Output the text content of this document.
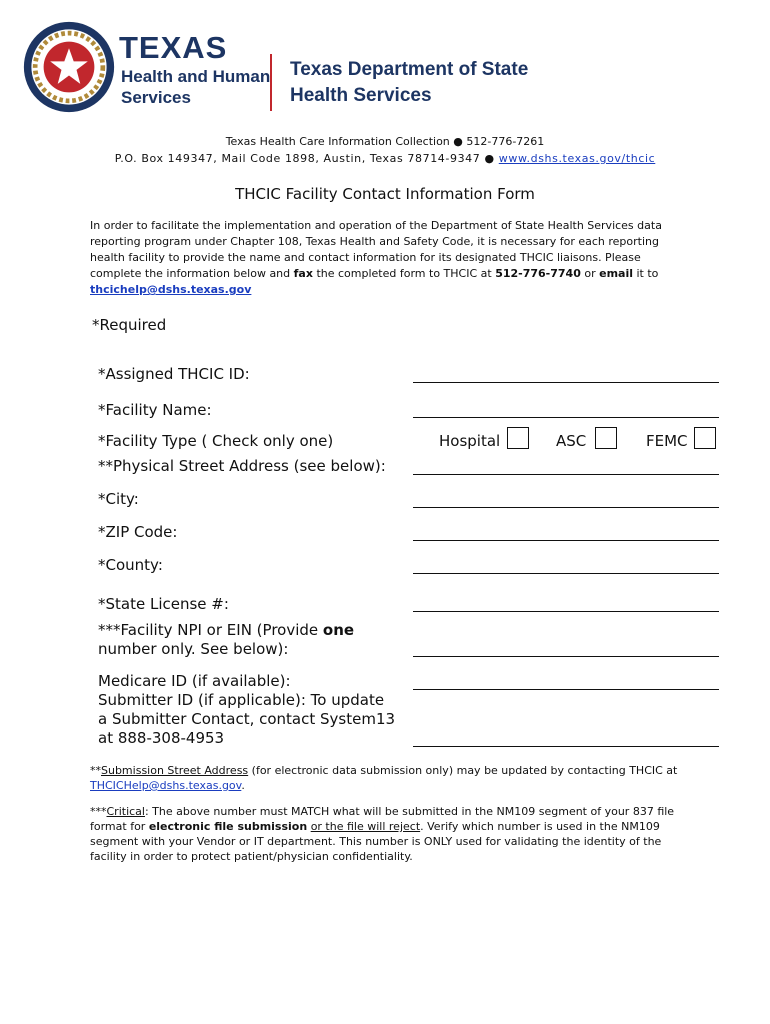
TEXAS
Health and Human
Services
Texas Department of State
Health Services
Texas Health Care Information Collection ● 512-776-7261
P.O. Box 149347, Mail Code 1898, Austin, Texas 78714-9347 ● www.dshs.texas.gov/thcic
THCIC Facility Contact Information Form
In order to facilitate the implementation and operation of the Department of State Health Services data reporting program under Chapter 108, Texas Health and Safety Code, it is necessary for each reporting health facility to provide the name and contact information for its designated THCIC liaisons. Please complete the information below and fax the completed form to THCIC at 512-776-7740 or email it to thcichelp@dshs.texas.gov
*Required
*Assigned THCIC ID:
*Facility Name:
*Facility Type ( Check only one)	Hospital	ASC	FEMC
**Physical Street Address (see below):
*City:
*ZIP Code:
*County:
*State License #:
***Facility NPI or EIN (Provide one
number only. See below):
Medicare ID (if available):
Submitter ID (if applicable): To update
a Submitter Contact, contact System13
at 888-308-4953
**Submission Street Address (for electronic data submission only) may be updated by contacting THCIC at THCICHelp@dshs.texas.gov.
***Critical: The above number must MATCH what will be submitted in the NM109 segment of your 837 file format for electronic file submission or the file will reject. Verify which number is used in the NM109 segment with your Vendor or IT department. This number is ONLY used for validating the identity of the facility in order to protect patient/physician confidentiality.
